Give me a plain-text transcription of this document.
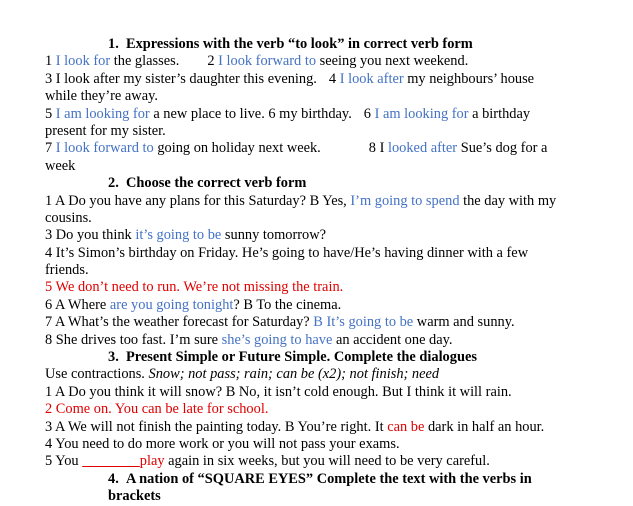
1.  Expressions with the verb “to look” in correct verb form
1 I look for the glasses. 2 I look forward to seeing you next weekend.
3 I look after my sister’s daughter this evening. 4 I look after my neighbours’ house
while they’re away.
5 I am looking for a new place to live. 6 my birthday. 6 I am looking for a birthday
present for my sister.
7 I look forward to going on holiday next week.	8 I looked after Sue’s dog for a
week
2.  Choose the correct verb form
1 A Do you have any plans for this Saturday? B Yes, I’m going to spend the day with my
cousins.
3 Do you think it’s going to be sunny tomorrow?
4 It’s Simon’s birthday on Friday. He’s going to have/He’s having dinner with a few
friends.
5 We don’t need to run. We’re not missing the train.
6 A Where are you going tonight? B To the cinema.
7 A What’s the weather forecast for Saturday? B It’s going to be warm and sunny.
8 She drives too fast. I’m sure she’s going to have an accident one day.
3.  Present Simple or Future Simple. Complete the dialogues
Use contractions. Snow; not pass; rain; can be (x2); not finish; need
1 A Do you think it will snow? B No, it isn’t cold enough. But I think it will rain.
2 Come on. You can be late for school.
3 A We will not finish the painting today. B You’re right. It can be dark in half an hour.
4 You need to do more work or you will not pass your exams.
5 You	play again in six weeks, but you will need to be very careful.
4.  A nation of “SQUARE EYES” Complete the text with the verbs in
brackets
